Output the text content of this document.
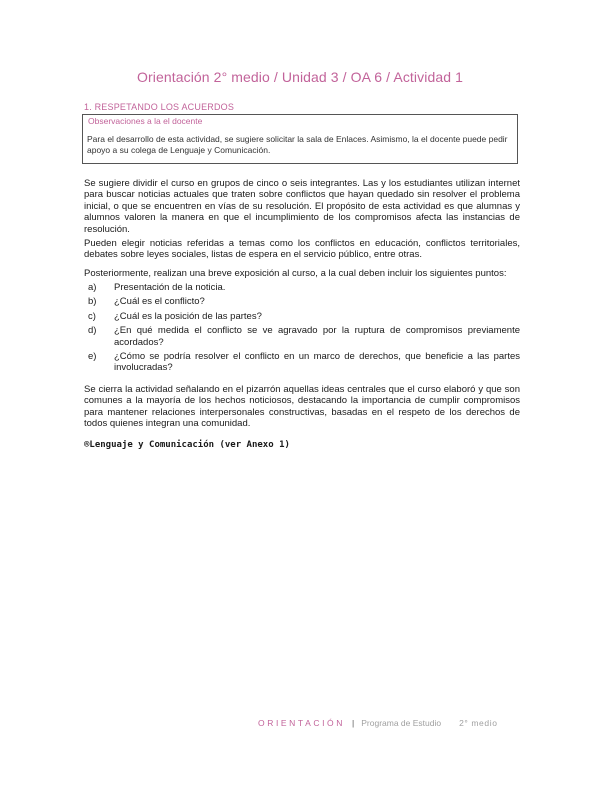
Orientación 2° medio / Unidad 3 / OA 6 / Actividad 1
1. RESPETANDO LOS ACUERDOS
Observaciones a la el docente
Para el desarrollo de esta actividad, se sugiere solicitar la sala de Enlaces. Asimismo, la el docente puede pedir apoyo a su colega de Lenguaje y Comunicación.
Se sugiere dividir el curso en grupos de cinco o seis integrantes. Las y los estudiantes utilizan internet para buscar noticias actuales que traten sobre conflictos que hayan quedado sin resolver el problema inicial, o que se encuentren en vías de su resolución. El propósito de esta actividad es que alumnas y alumnos valoren la manera en que el incumplimiento de los compromisos afecta las instancias de resolución.
Pueden elegir noticias referidas a temas como los conflictos en educación, conflictos territoriales, debates sobre leyes sociales, listas de espera en el servicio público, entre otras.
Posteriormente, realizan una breve exposición al curso, a la cual deben incluir los siguientes puntos:
a)	Presentación de la noticia.
b)	¿Cuál es el conflicto?
c)	¿Cuál es la posición de las partes?
d)	¿En qué medida el conflicto se ve agravado por la ruptura de compromisos previamente acordados?
e)	¿Cómo se podría resolver el conflicto en un marco de derechos, que beneficie a las partes involucradas?
Se cierra la actividad señalando en el pizarrón aquellas ideas centrales que el curso elaboró y que son comunes a la mayoría de los hechos noticiosos, destacando la importancia de cumplir compromisos para mantener relaciones interpersonales constructivas, basadas en el respeto de los derechos de todos quienes integran una comunidad.
®Lenguaje y Comunicación (ver Anexo 1)
ORIENTACIÓN | Programa de Estudio 2° medio
